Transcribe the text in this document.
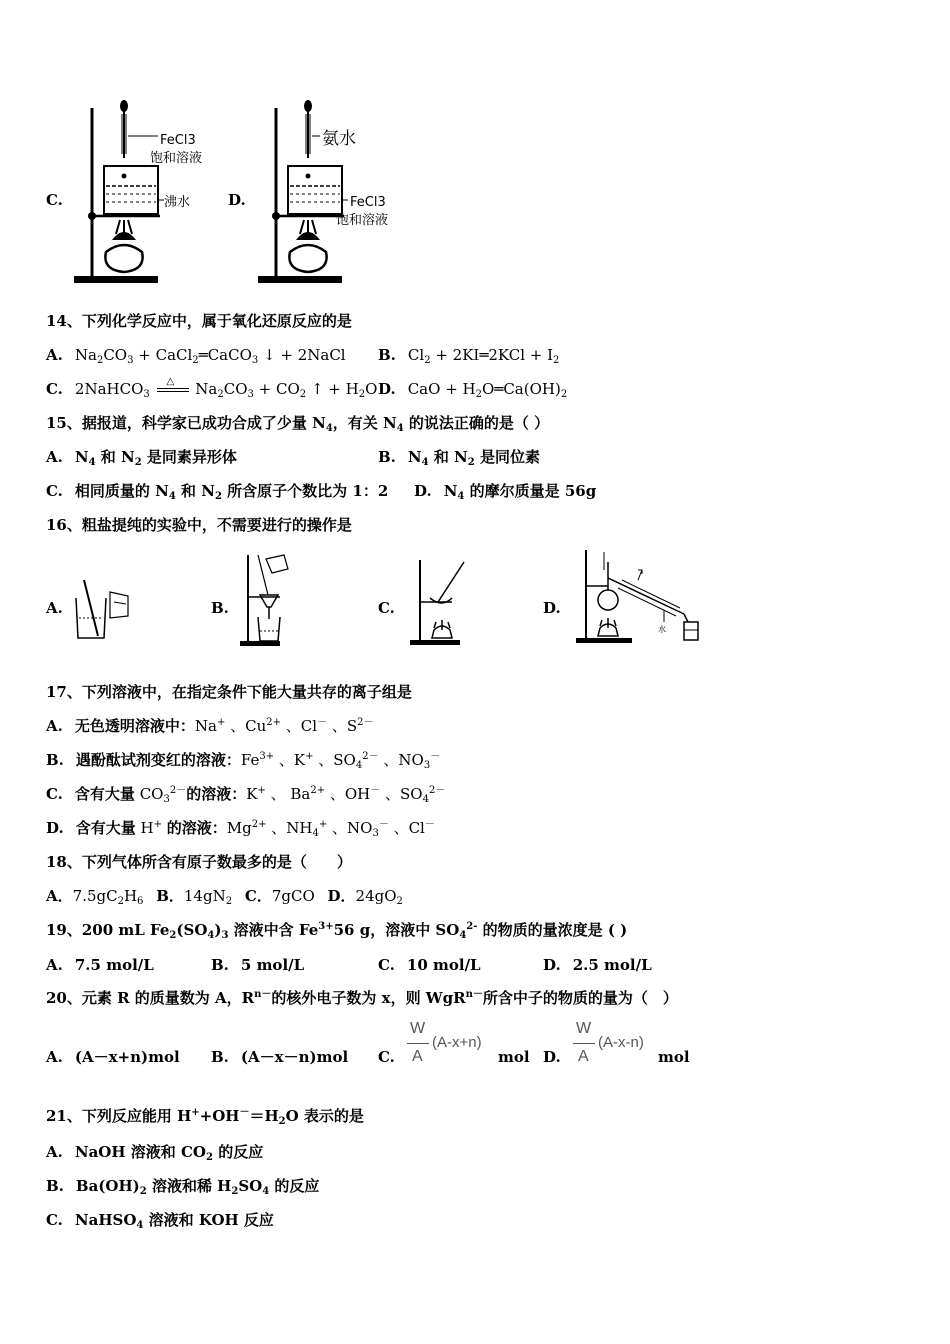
C.
FeCl3
饱和溶液
沸水	D.
氨水
FeCl3
饱和溶液
14、下列化学反应中，属于氧化还原反应的是
A. $Na_2CO_3$ + CaCl$_2$═CaCO$_3$ ↓ + 2NaCl B. $Cl_2$ + 2KI═2KCl + $I_2$
C. 2NaHCO$_3$
△ $Na_2CO_3 + CO_2$ ↑ + $H_2O$ D. CaO + $H_2O═Ca(OH)_2$
15、据报道，科学家已成功合成了少量 $N_4$，有关 $N_4$ 的说法正确的是（ ）
A. $N_4$ 和 $N_2$ 是同素异形体	B. $N_4$ 和 $N_2$ 是同位素
C. 相同质量的 $N_4$ 和 $N_2$ 所含原子个数比为 1：2 D. $N_4$ 的摩尔质量是 56g
16、粗盐提纯的实验中，不需要进行的操作是
A.	B.	C.	D.
水
17、下列溶液中，在指定条件下能大量共存的离子组是
A. 无色透明溶液中：Na+ 、$Cu^{2+}$ 、Cl－ 、$S^{2-}$
B. 遇酚酞试剂变红的溶液：$Fe^{3+}$ 、K+ 、$SO_4^{2-}$ 、$NO_3^-$
C. 含有大量 $CO_3^{2-}$的溶液：K+ 、 $Ba^{2+}$ 、OH－ 、$SO_4^{2-}$
D. 含有大量 H+ 的溶液：$Mg^{2+}$ 、$NH_4^+$ 、$NO_3^-$ 、Cl－
18、下列气体所含有原子数最多的是（　　）
A．$7.5gC_2H_6$ B．$14gN_2$ C．7gCO D．$24gO_2$
19、200 mL $Fe_2(SO_4)_3$ 溶液中含 $Fe^{3+}56$ g，溶液中 $SO_4^{2-}$ 的物质的量浓度是 ( )
A. 7.5 mol/L	B. 5 mol/L	C. 10 mol/L	D. 2.5 mol/L
20、元素 R 的质量数为 A，$R^{n-}$的核外电子数为 x，则 WgR$^{n-}$所含中子的物质的量为（　）
A. (A－x+n)mol B. (A－x－n)mol C.
W
A
(A-x+n)
mol D.
W
A
(A-x-n)
mol
21、下列反应能用 $H^++OH^-=H_2O$ 表示的是
A. NaOH 溶液和 $CO_2$ 的反应
B. $Ba(OH)_2$ 溶液和稀 $H_2SO_4$ 的反应
C. NaHSO$_4$ 溶液和 KOH 反应
